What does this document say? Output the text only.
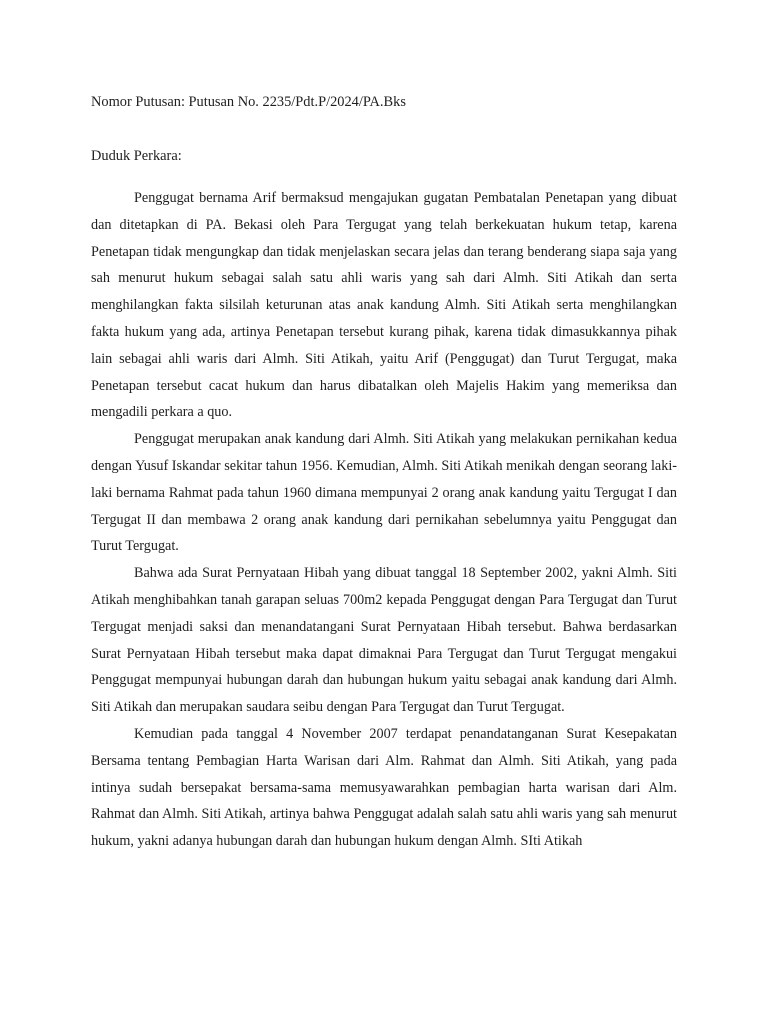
Nomor Putusan: Putusan No. 2235/Pdt.P/2024/PA.Bks
Duduk Perkara:

Penggugat bernama Arif bermaksud mengajukan gugatan Pembatalan Penetapan yang dibuat dan ditetapkan di PA. Bekasi oleh Para Tergugat yang telah berkekuatan hukum tetap, karena Penetapan tidak mengungkap dan tidak menjelaskan secara jelas dan terang benderang siapa saja yang sah menurut hukum sebagai salah satu ahli waris yang sah dari Almh. Siti Atikah dan serta menghilangkan fakta silsilah keturunan atas anak kandung Almh. Siti Atikah serta menghilangkan fakta hukum yang ada, artinya Penetapan tersebut kurang pihak, karena tidak dimasukkannya pihak lain sebagai ahli waris dari Almh. Siti Atikah, yaitu Arif (Penggugat) dan Turut Tergugat, maka Penetapan tersebut cacat hukum dan harus dibatalkan oleh Majelis Hakim yang memeriksa dan mengadili perkara a quo.

Penggugat merupakan anak kandung dari Almh. Siti Atikah yang melakukan pernikahan kedua dengan Yusuf Iskandar sekitar tahun 1956. Kemudian, Almh. Siti Atikah menikah dengan seorang laki-laki bernama Rahmat pada tahun 1960 dimana mempunyai 2 orang anak kandung yaitu Tergugat I dan Tergugat II dan membawa 2 orang anak kandung dari pernikahan sebelumnya yaitu Penggugat dan Turut Tergugat.

Bahwa ada Surat Pernyataan Hibah yang dibuat tanggal 18 September 2002, yakni Almh. Siti Atikah menghibahkan tanah garapan seluas 700m2 kepada Penggugat dengan Para Tergugat dan Turut Tergugat menjadi saksi dan menandatangani Surat Pernyataan Hibah tersebut. Bahwa berdasarkan Surat Pernyataan Hibah tersebut maka dapat dimaknai Para Tergugat dan Turut Tergugat mengakui Penggugat mempunyai hubungan darah dan hubungan hukum yaitu sebagai anak kandung dari Almh. Siti Atikah dan merupakan saudara seibu dengan Para Tergugat dan Turut Tergugat.

Kemudian pada tanggal 4 November 2007 terdapat penandatanganan Surat Kesepakatan Bersama tentang Pembagian Harta Warisan dari Alm. Rahmat dan Almh. Siti Atikah, yang pada intinya sudah bersepakat bersama-sama memusyawarahkan pembagian harta warisan dari Alm. Rahmat dan Almh. Siti Atikah, artinya bahwa Penggugat adalah salah satu ahli waris yang sah menurut hukum, yakni adanya hubungan darah dan hubungan hukum dengan Almh. SIti Atikah
